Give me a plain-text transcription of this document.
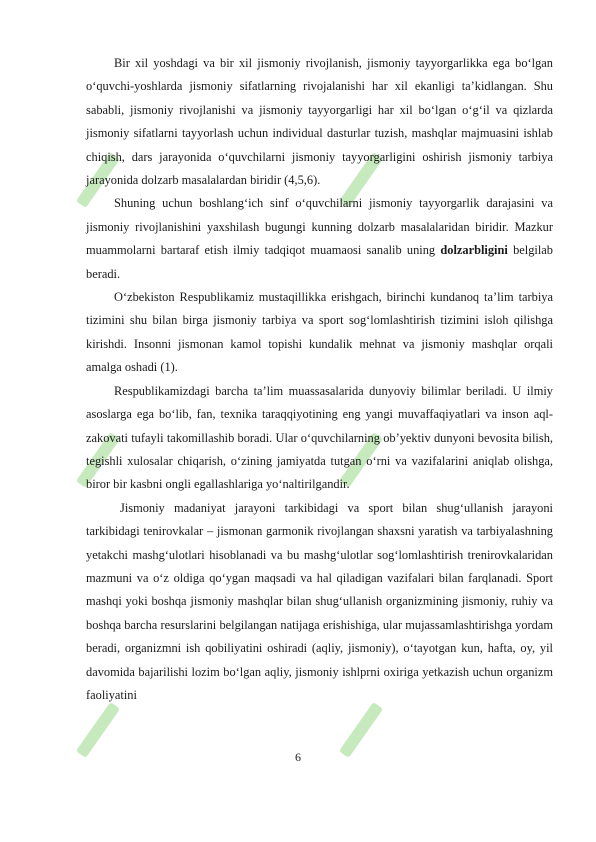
Bir xil yoshdagi va bir xil jismoniy rivojlanish, jismoniy tayyorgarlikka ega bo‘lgan o‘quvchi-yoshlarda jismoniy sifatlarning rivojalanishi har xil ekanligi ta’kidlangan. Shu sababli, jismoniy rivojlanishi va jismoniy tayyorgarligi har xil bo‘lgan o‘g‘il va qizlarda jismoniy sifatlarni tayyorlash uchun individual dasturlar tuzish, mashqlar majmuasini ishlab chiqish, dars jarayonida o‘quvchilarni jismoniy tayyorgarligini oshirish jismoniy tarbiya jarayonida dolzarb masalalardan biridir (4,5,6).

Shuning uchun boshlang‘ich sinf o‘quvchilarni jismoniy tayyorgarlik darajasini va jismoniy rivojlanishini yaxshilash bugungi kunning dolzarb masalalaridan biridir. Mazkur muammolarni bartaraf etish ilmiy tadqiqot muamaosi sanalib uning dolzarbligini belgilab beradi.

O‘zbekiston Respublikamiz mustaqillikka erishgach, birinchi kundanoq ta’lim tarbiya tizimini shu bilan birga jismoniy tarbiya va sport sog‘lomlashtirish tizimini isloh qilishga kirishdi. Insonni jismonan kamol topishi kundalik mehnat va jismoniy mashqlar orqali amalga oshadi (1).

Respublikamizdagi barcha ta’lim muassasalarida dunyoviy bilimlar beriladi. U ilmiy asoslarga ega bo‘lib, fan, texnika taraqqiyotining eng yangi muvaffaqiyatlari va inson aql-zakovati tufayli takomillashib boradi. Ular o‘quvchilarning ob’yektiv dunyoni bevosita bilish, tegishli xulosalar chiqarish, o‘zining jamiyatda tutgan o‘rni va vazifalarini aniqlab olishga, biror bir kasbni ongli egallashlariga yo‘naltirilgandir.

Jismoniy madaniyat jarayoni tarkibidagi va sport bilan shug‘ullanish jarayoni tarkibidagi tenirovkalar – jismonan garmonik rivojlangan shaxsni yaratish va tarbiyalashning yetakchi mashg‘ulotlari hisoblanadi va bu mashg‘ulotlar sog‘lomlashtirish trenirovkalaridan mazmuni va o‘z oldiga qo‘ygan maqsadi va hal qiladigan vazifalari bilan farqlanadi. Sport mashqi yoki boshqa jismoniy mashqlar bilan shug‘ullanish organizmining jismoniy, ruhiy va boshqa barcha resurslarini belgilangan natijaga erishishiga, ular mujassamlashtirishga yordam beradi, organizmni ish qobiliyatini oshiradi (aqliy, jismoniy), o‘tayotgan kun, hafta, oy, yil davomida bajarilishi lozim bo‘lgan aqliy, jismoniy ishlprni oxiriga yetkazish uchun organizm faoliyatini

6
